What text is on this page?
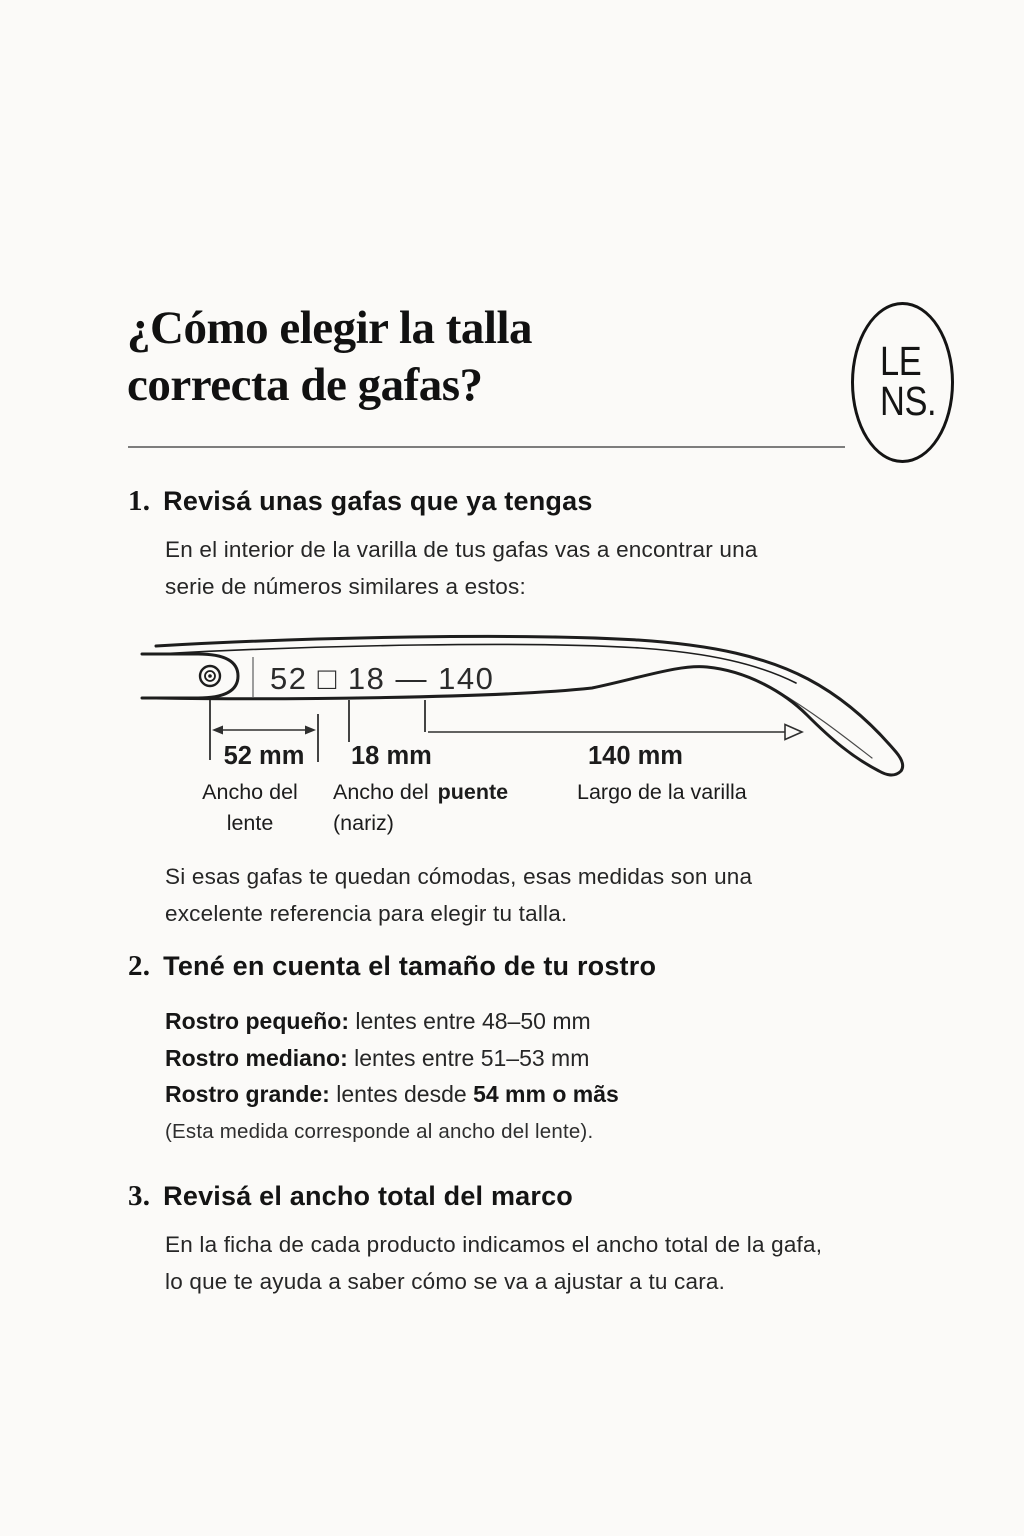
¿Cómo elegir la talla
correcta de gafas?	LE
NS.
1. Revisá unas gafas que ya tengas
En el interior de la varilla de tus gafas vas a encontrar una
serie de números similares a estos:
52 □ 18 — 140
52 mm 18 mm	140 mm
Ancho del
lente
Ancho del puente
(nariz)
Largo de la varilla
Si esas gafas te quedan cómodas, esas medidas son una
excelente referencia para elegir tu talla.
2. Tené en cuenta el tamaño de tu rostro
Rostro pequeño: lentes entre 48–50 mm
Rostro mediano: lentes entre 51–53 mm
Rostro grande: lentes desde 54 mm o mãs
(Esta medida corresponde al ancho del lente).
3. Revisá el ancho total del marco
En la ficha de cada producto indicamos el ancho total de la gafa,
lo que te ayuda a saber cómo se va a ajustar a tu cara.
